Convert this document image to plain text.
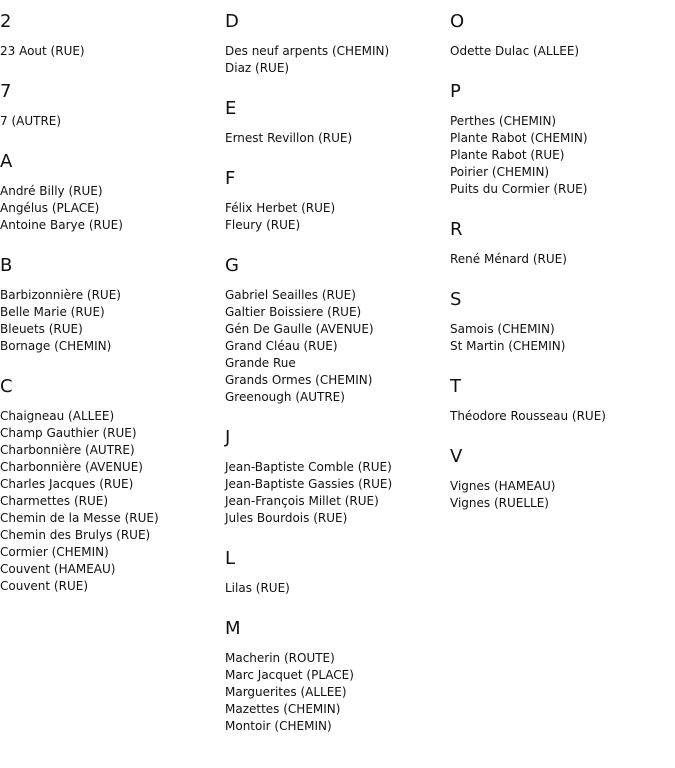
2
23 Aout (RUE)
7
7 (AUTRE)
A
André Billy (RUE)
Angélus (PLACE)
Antoine Barye (RUE)
B
Barbizonnière (RUE)
Belle Marie (RUE)
Bleuets (RUE)
Bornage (CHEMIN)
C
Chaigneau (ALLEE)
Champ Gauthier (RUE)
Charbonnière (AUTRE)
Charbonnière (AVENUE)
Charles Jacques (RUE)
Charmettes (RUE)
Chemin de la Messe (RUE)
Chemin des Brulys (RUE)
Cormier (CHEMIN)
Couvent (HAMEAU)
Couvent (RUE)
D
Des neuf arpents (CHEMIN)
Diaz (RUE)
E
Ernest Revillon (RUE)
F
Félix Herbet (RUE)
Fleury (RUE)
G
Gabriel Seailles (RUE)
Galtier Boissiere (RUE)
Gén De Gaulle (AVENUE)
Grand Cléau (RUE)
Grande Rue
Grands Ormes (CHEMIN)
Greenough (AUTRE)
J
Jean-Baptiste Comble (RUE)
Jean-Baptiste Gassies (RUE)
Jean-François Millet (RUE)
Jules Bourdois (RUE)
L
Lilas (RUE)
M
Macherin (ROUTE)
Marc Jacquet (PLACE)
Marguerites (ALLEE)
Mazettes (CHEMIN)
Montoir (CHEMIN)
O
Odette Dulac (ALLEE)
P
Perthes (CHEMIN)
Plante Rabot (CHEMIN)
Plante Rabot (RUE)
Poirier (CHEMIN)
Puits du Cormier (RUE)
R
René Ménard (RUE)
S
Samois (CHEMIN)
St Martin (CHEMIN)
T
Théodore Rousseau (RUE)
V
Vignes (HAMEAU)
Vignes (RUELLE)
